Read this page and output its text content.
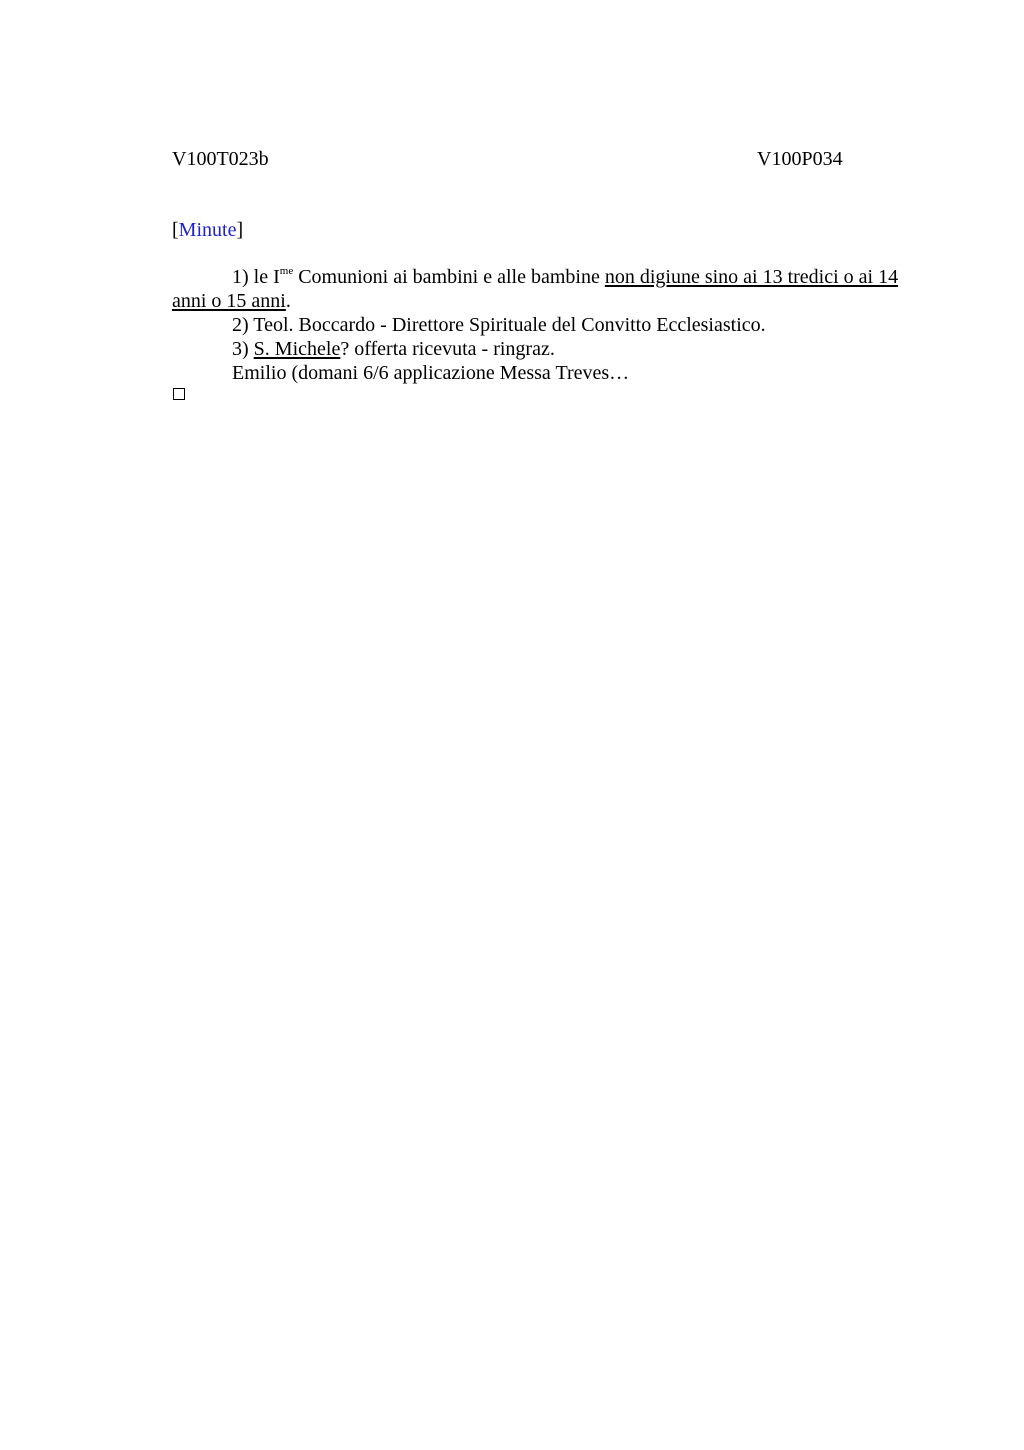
V100T023b	V100P034
[Minute]
1) le $I^{me}$ Comunioni ai bambini e alle bambine non digiune sino ai 13 tredici o ai 14
anni o 15 anni.
2) Teol. Boccardo - Direttore Spirituale del Convitto Ecclesiastico.
3) S. Michele? offerta ricevuta - ringraz.
Emilio (domani 6/6 applicazione Messa Treves…
